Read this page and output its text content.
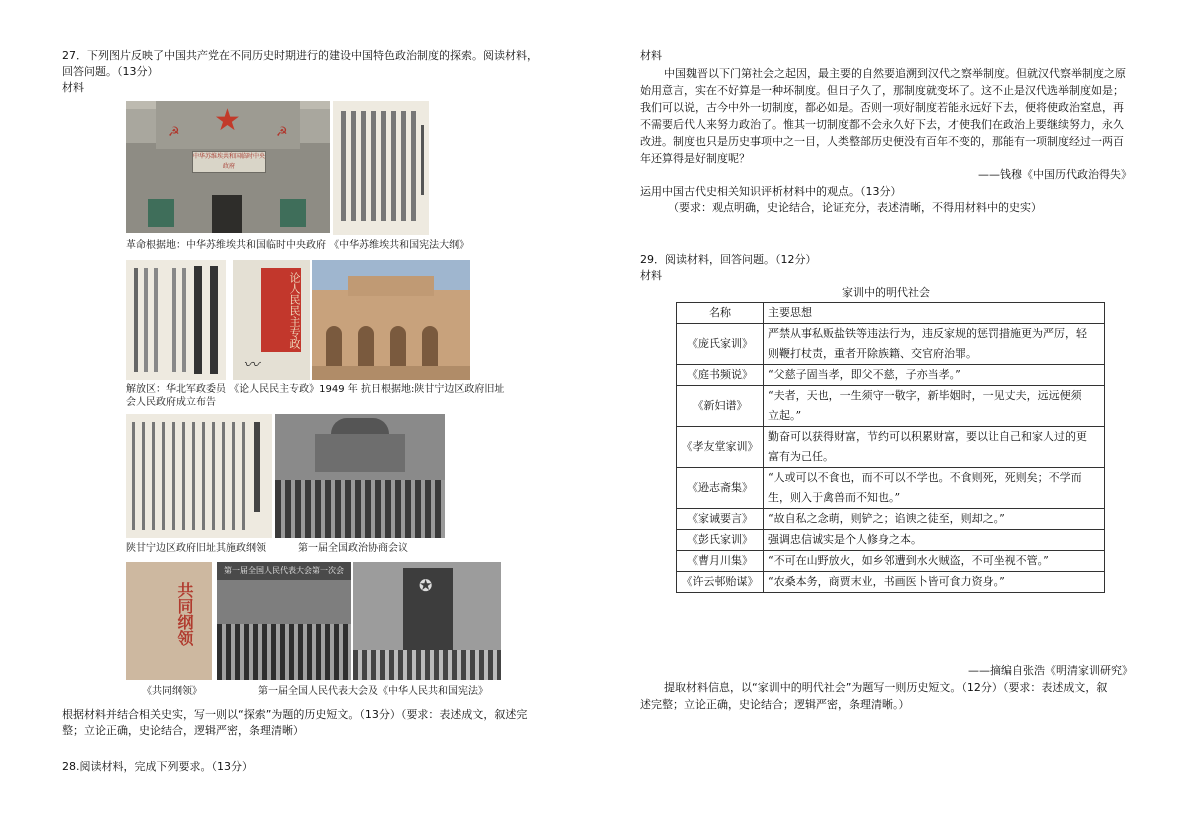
27．下列图片反映了中国共产党在不同历史时期进行的建设中国特色政治制度的探索。阅读材料，
回答问题。（13分）
材料
★
☭	☭
中华苏维埃共和国临时中央政府
革命根据地：中华苏维埃共和国临时中央政府 《中华苏维埃共和国宪法大纲》
论人民民主专政
〰
解放区：华北军政委员 《论人民民主专政》1949 年 抗日根据地:陕甘宁边区政府旧址
会人民政府成立布告
陕甘宁边区政府旧址其施政纲领	第一届全国政治协商会议
共同纲领
第一届全国人民代表大会第一次会
✪
《共同纲领》	第一届全国人民代表大会及《中华人民共和国宪法》
根据材料并结合相关史实，写一则以“探索”为题的历史短文。（13分）（要求：表述成文，叙述完
整；立论正确，史论结合，逻辑严密，条理清晰）
28.阅读材料，完成下列要求。（13分）
材料
中国魏晋以下门第社会之起因，最主要的自然要追溯到汉代之察举制度。但就汉代察举制度之原
始用意言，实在不好算是一种坏制度。但日子久了，那制度就变坏了。这不止是汉代选举制度如是；
我们可以说，古今中外一切制度，都必如是。否则一项好制度若能永远好下去，便将使政治窒息，再
不需要后代人来努力政治了。惟其一切制度都不会永久好下去，才使我们在政治上要继续努力，永久
改进。制度也只是历史事项中之一目，人类整部历史便没有百年不变的，那能有一项制度经过一两百
年还算得是好制度呢？
——钱穆《中国历代政治得失》
运用中国古代史相关知识评析材料中的观点。（13分）
（要求：观点明确，史论结合，论证充分，表述清晰，不得用材料中的史实）
29．阅读材料，回答问题。（12分）
材料
家训中的明代社会
名称	主要思想
《庞氏家训》	严禁从事私贩盐铁等违法行为，违反家规的惩罚措施更为严厉，轻
则鞭打杖责，重者开除族籍、交官府治罪。

《庭书频说》	“父慈子固当孝，即父不慈，子亦当孝。”

《新妇谱》	“夫者，天也，一生须守一敬字，新毕姻时，一见丈夫，远远便须
立起。”

《孝友堂家训》	勤奋可以获得财富，节约可以积累财富，要以让自己和家人过的更
富有为己任。

《逊志斋集》	“人或可以不食也，而不可以不学也。不食则死，死则矣；不学而
生，则入于禽兽而不知也。”

《家诫要言》	“故自私之念萌，则铲之；谄谀之徒至，则却之。”

《彭氏家训》	强调忠信诚实是个人修身之本。

《曹月川集》	“不可在山野放火，如乡邻遭到水火贼盗，不可坐视不管。”

《许云邨贻谋》	“农桑本务，商贾末业，书画医卜皆可食力资身。”
——摘编自张浩《明清家训研究》
提取材料信息，以“家训中的明代社会”为题写一则历史短文。（12分）（要求：表述成文，叙
述完整；立论正确，史论结合；逻辑严密，条理清晰。）
